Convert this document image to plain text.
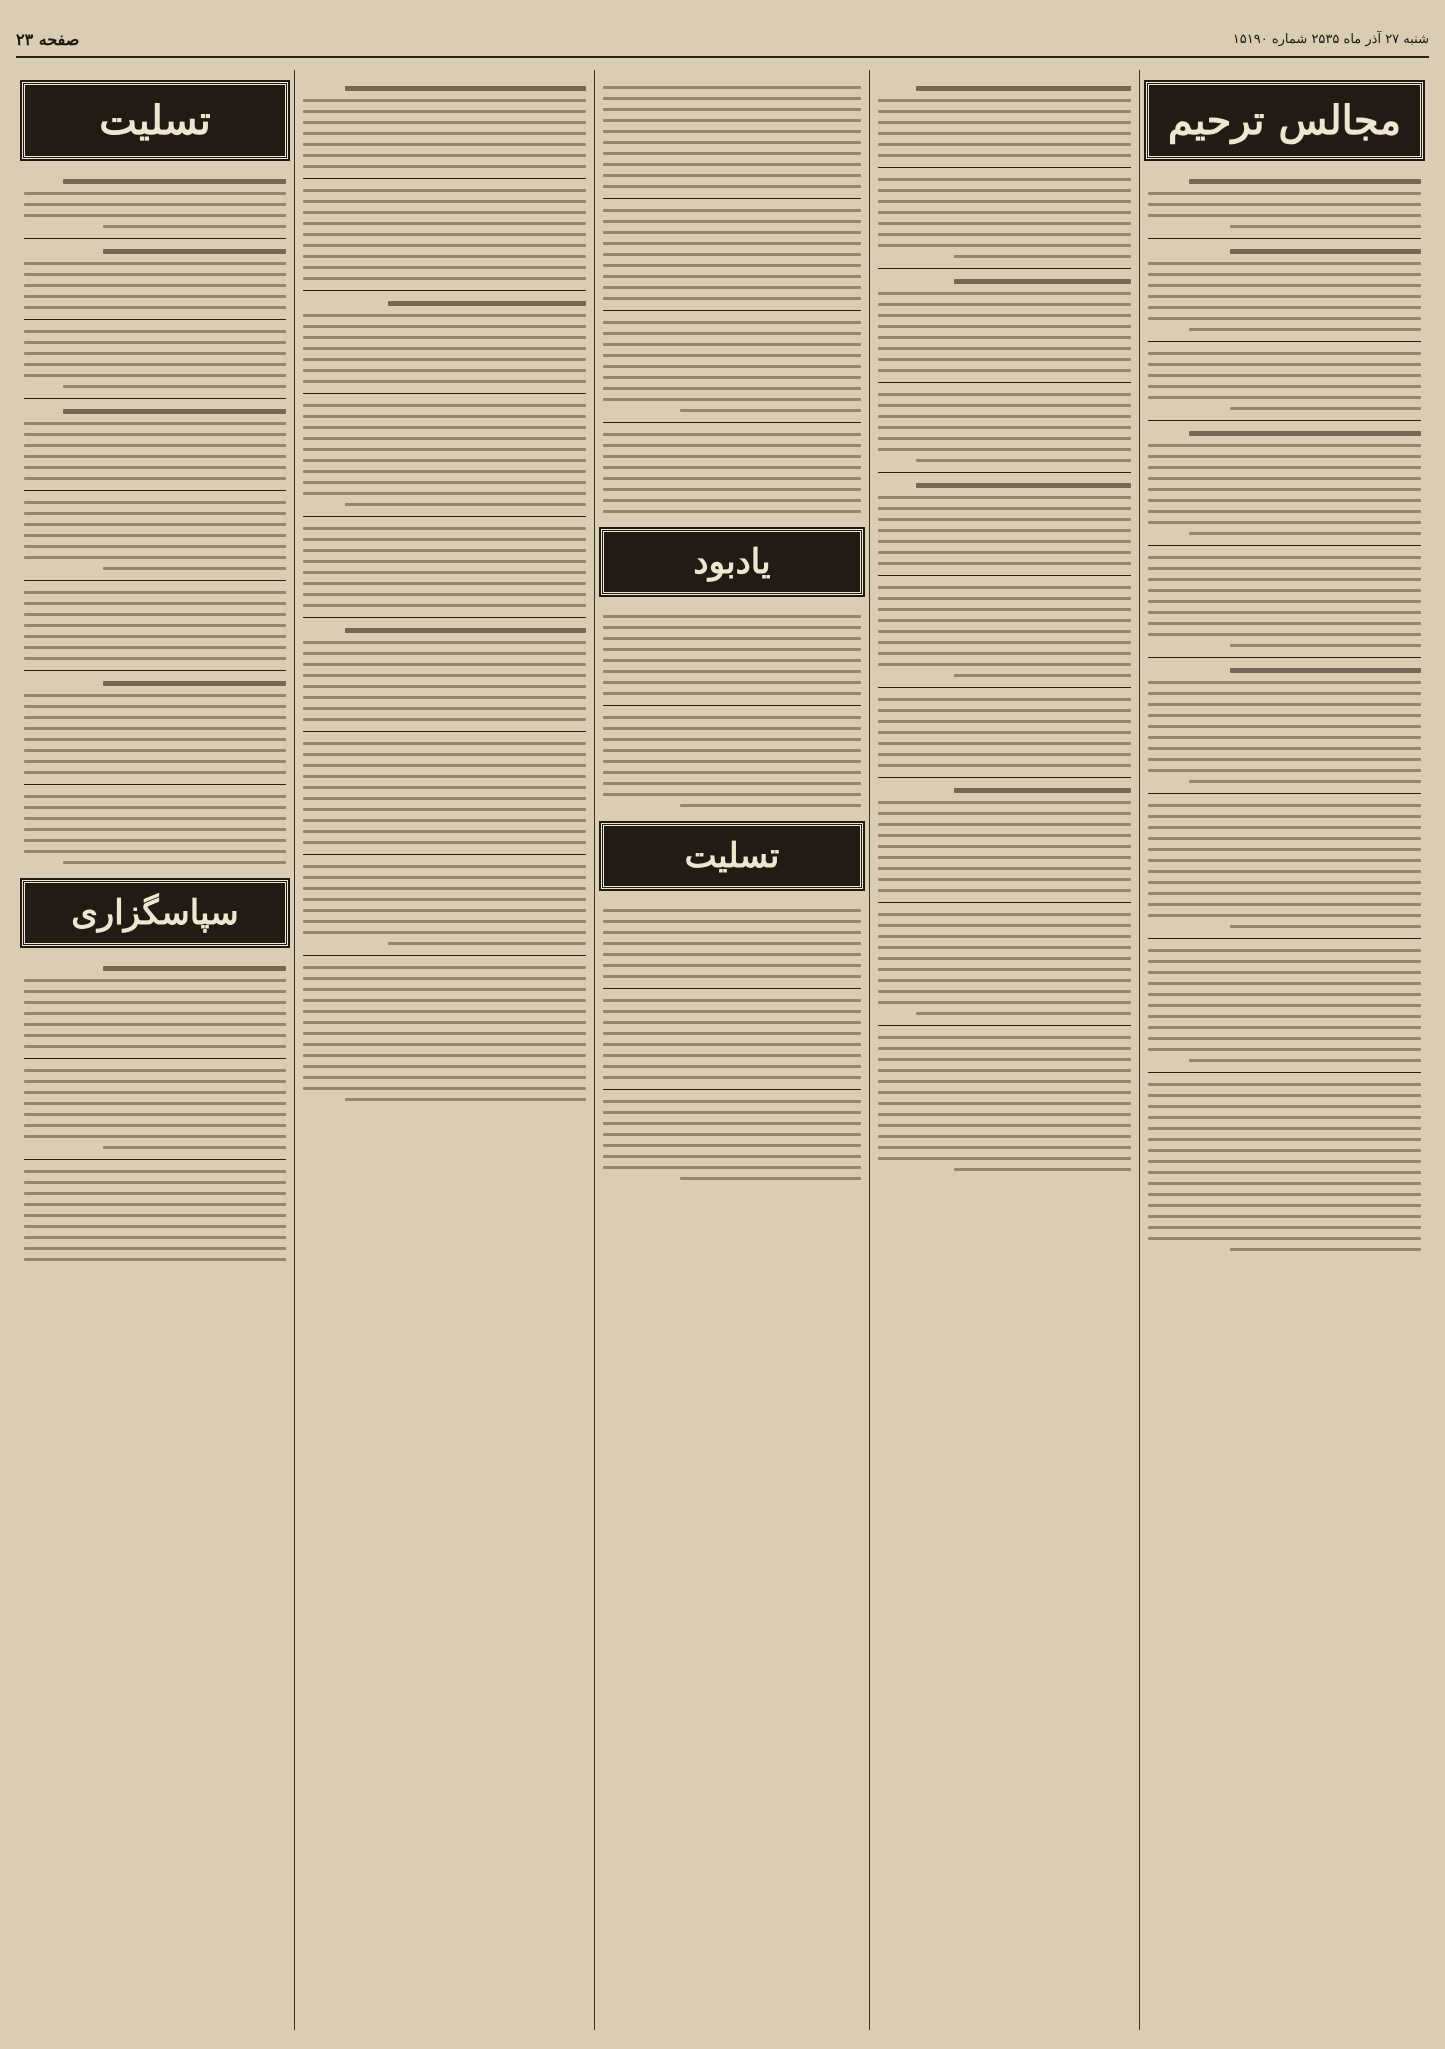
شنبه ۲۷ آذر ماه ۲۵۳۵ شماره ۱۵۱۹۰
صفحه ۲۳
مجالس ترحیم
یادبود
تسلیت
تسلیت
سپاسگزاری
